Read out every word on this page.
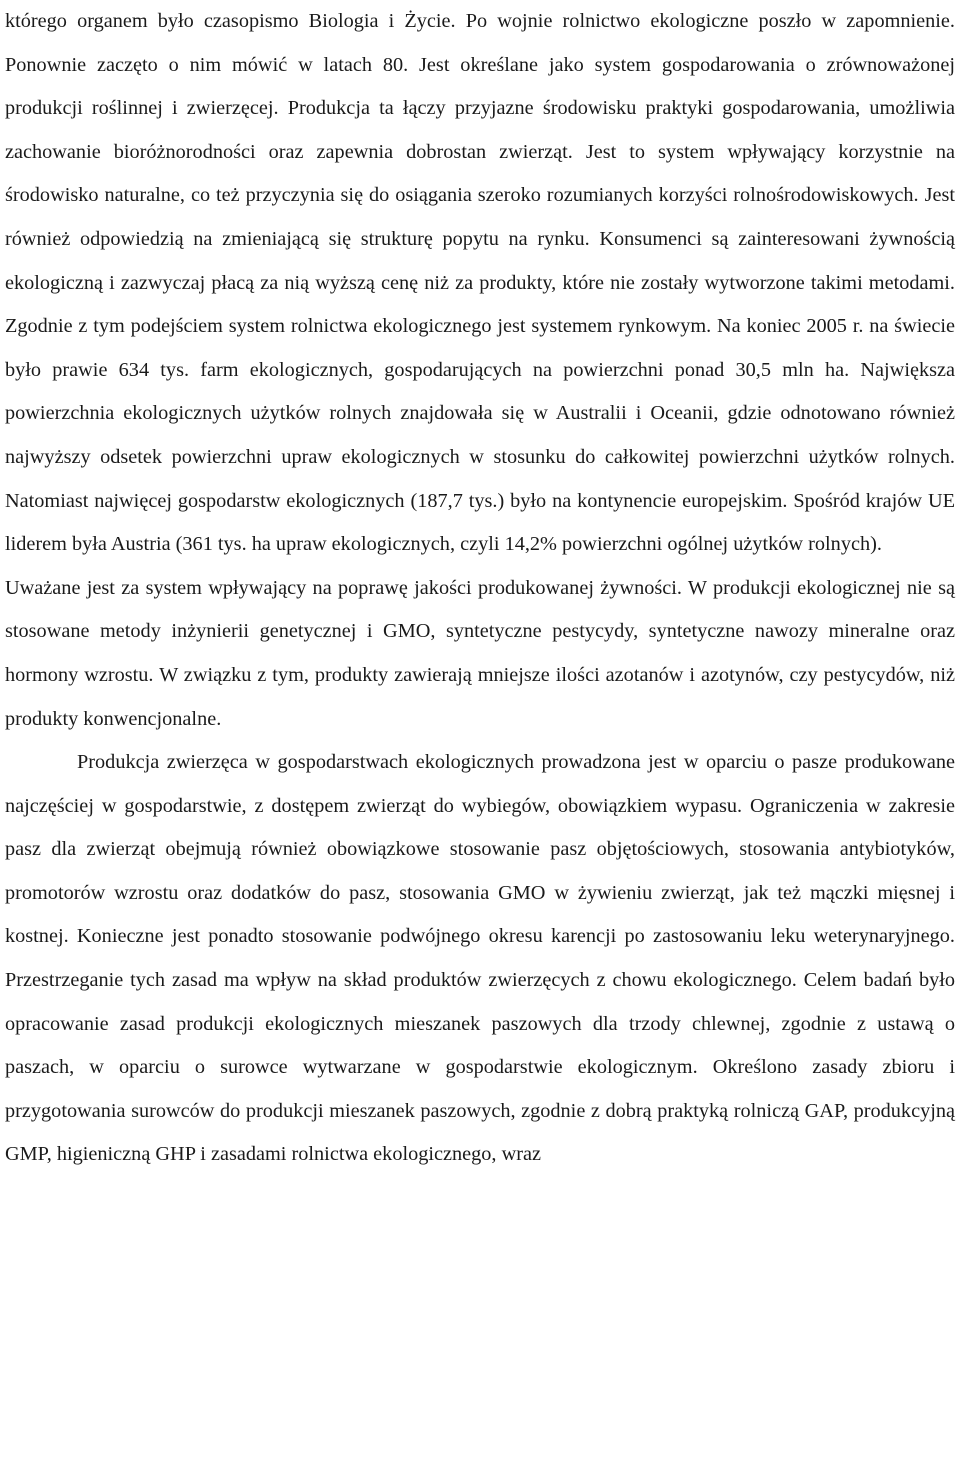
którego organem było czasopismo Biologia i Życie. Po wojnie rolnictwo ekologiczne poszło w zapomnienie. Ponownie zaczęto o nim mówić w latach 80. Jest określane jako system gospodarowania o zrównoważonej produkcji roślinnej i zwierzęcej. Produkcja ta łączy przyjazne środowisku praktyki gospodarowania, umożliwia zachowanie bioróżnorodności oraz zapewnia dobrostan zwierząt. Jest to system wpływający korzystnie na środowisko naturalne, co też przyczynia się do osiągania szeroko rozumianych korzyści rolnośrodowiskowych. Jest również odpowiedzią na zmieniającą się strukturę popytu na rynku. Konsumenci są zainteresowani żywnością ekologiczną i zazwyczaj płacą za nią wyższą cenę niż za produkty, które nie zostały wytworzone takimi metodami. Zgodnie z tym podejściem system rolnictwa ekologicznego jest systemem rynkowym. Na koniec 2005 r. na świecie było prawie 634 tys. farm ekologicznych, gospodarujących na powierzchni ponad 30,5 mln ha. Największa powierzchnia ekologicznych użytków rolnych znajdowała się w Australii i Oceanii, gdzie odnotowano również najwyższy odsetek powierzchni upraw ekologicznych w stosunku do całkowitej powierzchni użytków rolnych. Natomiast najwięcej gospodarstw ekologicznych (187,7 tys.) było na kontynencie europejskim. Spośród krajów UE liderem była Austria (361 tys. ha upraw ekologicznych, czyli 14,2% powierzchni ogólnej użytków rolnych).

Uważane jest za system wpływający na poprawę jakości produkowanej żywności. W produkcji ekologicznej nie są stosowane metody inżynierii genetycznej i GMO, syntetyczne pestycydy, syntetyczne nawozy mineralne oraz hormony wzrostu. W związku z tym, produkty zawierają mniejsze ilości azotanów i azotynów, czy pestycydów, niż produkty konwencjonalne.

Produkcja zwierzęca w gospodarstwach ekologicznych prowadzona jest w oparciu o pasze produkowane najczęściej w gospodarstwie, z dostępem zwierząt do wybiegów, obowiązkiem wypasu. Ograniczenia w zakresie pasz dla zwierząt obejmują również obowiązkowe stosowanie pasz objętościowych, stosowania antybiotyków, promotorów wzrostu oraz dodatków do pasz, stosowania GMO w żywieniu zwierząt, jak też mączki mięsnej i kostnej. Konieczne jest ponadto stosowanie podwójnego okresu karencji po zastosowaniu leku weterynaryjnego. Przestrzeganie tych zasad ma wpływ na skład produktów zwierzęcych z chowu ekologicznego. Celem badań było opracowanie zasad produkcji ekologicznych mieszanek paszowych dla trzody chlewnej, zgodnie z ustawą o paszach, w oparciu o surowce wytwarzane w gospodarstwie ekologicznym. Określono zasady zbioru i przygotowania surowców do produkcji mieszanek paszowych, zgodnie z dobrą praktyką rolniczą GAP, produkcyjną GMP, higieniczną GHP i zasadami rolnictwa ekologicznego, wraz
